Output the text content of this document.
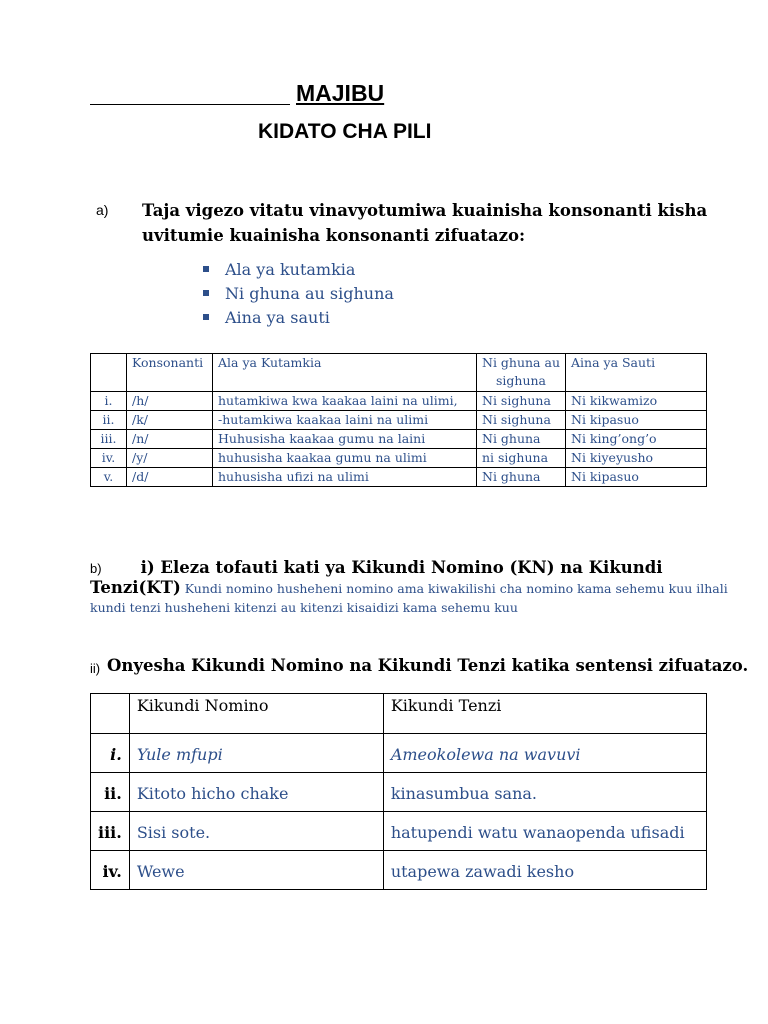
MAJIBU
KIDATO CHA PILI
a) Taja vigezo vitatu vinavyotumiwa kuainisha konsonanti kisha uvitumie kuainisha konsonanti zifuatazo:
Ala ya kutamkia
Ni ghuna au sighuna
Aina ya sauti
	Konsonanti	Ala ya Kutamkia	Ni ghuna au sighuna	Aina ya Sauti
i.	/h/	hutamkiwa kwa kaakaa laini na ulimi,	Ni sighuna	Ni kikwamizo
ii.	/k/	-hutamkiwa kaakaa laini na ulimi	Ni sighuna	Ni kipasuo
iii.	/n/	Huhusisha kaakaa gumu na laini	Ni ghuna	Ni king’ong’o
iv.	/y/	huhusisha kaakaa gumu na ulimi	ni sighuna	Ni kiyeyusho
v.	/d/	huhusisha ufizi na ulimi	Ni ghuna	Ni kipasuo
b) i) Eleza tofauti kati ya Kikundi Nomino (KN) na Kikundi Tenzi(KT) Kundi nomino husheheni nomino ama kiwakilishi cha nomino kama sehemu kuu ilhali kundi tenzi husheheni kitenzi au kitenzi kisaidizi kama sehemu kuu
ii) Onyesha Kikundi Nomino na Kikundi Tenzi katika sentensi zifuatazo.
	Kikundi Nomino	Kikundi Tenzi
i.	Yule mfupi	Ameokolewa na wavuvi
ii.	Kitoto hicho chake	kinasumbua sana.
iii.	Sisi sote.	hatupendi watu wanaopenda ufisadi
iv.	Wewe	utapewa zawadi kesho
